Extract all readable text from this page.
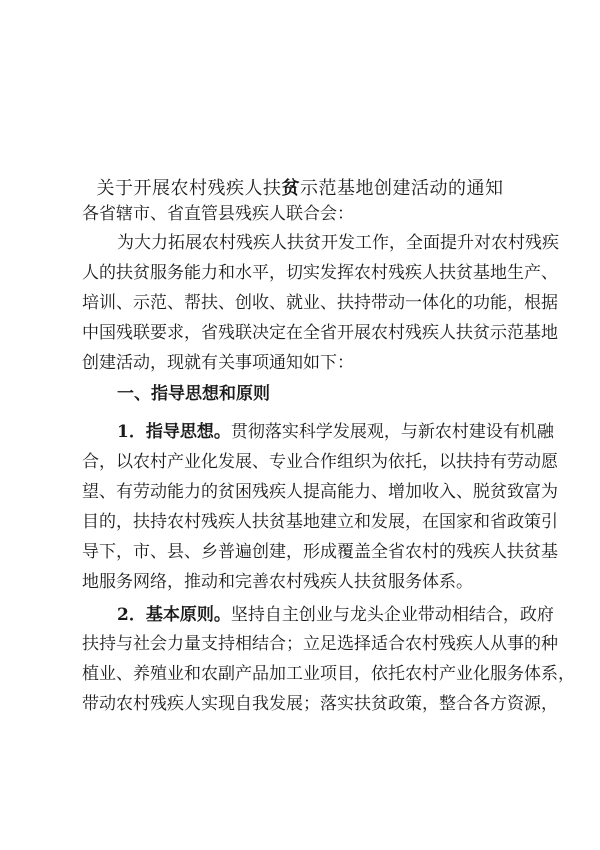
关于开展农村残疾人扶贫示范基地创建活动的通知
各省辖市、省直管县残疾人联合会：
为大力拓展农村残疾人扶贫开发工作，全面提升对农村残疾
人的扶贫服务能力和水平，切实发挥农村残疾人扶贫基地生产、
培训、示范、帮扶、创收、就业、扶持带动一体化的功能，根据
中国残联要求，省残联决定在全省开展农村残疾人扶贫示范基地
创建活动，现就有关事项通知如下：
一、指导思想和原则
1．指导思想。贯彻落实科学发展观，与新农村建设有机融
合，以农村产业化发展、专业合作组织为依托，以扶持有劳动愿
望、有劳动能力的贫困残疾人提高能力、增加收入、脱贫致富为
目的，扶持农村残疾人扶贫基地建立和发展，在国家和省政策引
导下，市、县、乡普遍创建，形成覆盖全省农村的残疾人扶贫基
地服务网络，推动和完善农村残疾人扶贫服务体系。
2．基本原则。坚持自主创业与龙头企业带动相结合，政府
扶持与社会力量支持相结合；立足选择适合农村残疾人从事的种
植业、养殖业和农副产品加工业项目，依托农村产业化服务体系，
带动农村残疾人实现自我发展；落实扶贫政策，整合各方资源，
